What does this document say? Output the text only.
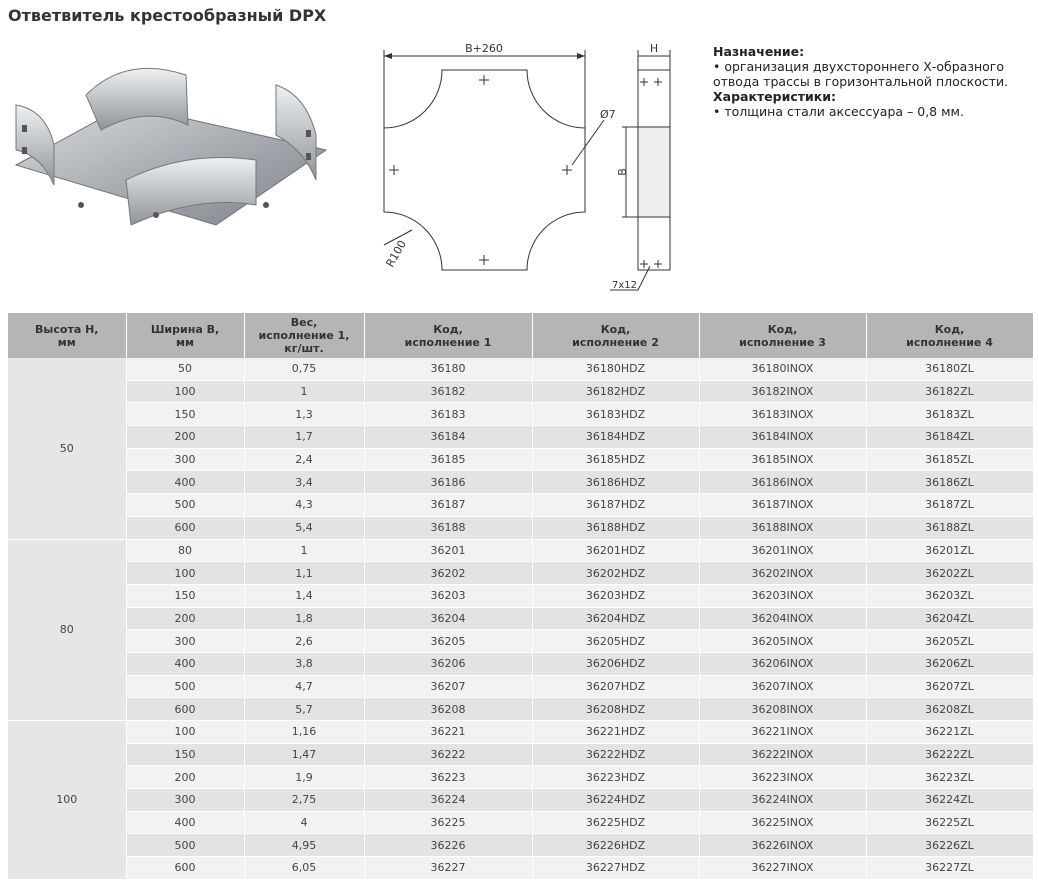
Ответвитель крестообразный DPX
B+260
Ø7
R100
H
B
7x12
Назначение:
• организация двухстороннего Х-образного отвода трассы в горизонтальной плоскости.
Характеристики:
• толщина стали аксессуара – 0,8 мм.
Высота H,
мм	Ширина B,
мм	Вес,
исполнение 1,
кг/шт.	Код,
исполнение 1	Код,
исполнение 2	Код,
исполнение 3	Код,
исполнение 4
50	50	0,75	36180	36180HDZ	36180INOX	36180ZL
	100	1	36182	36182HDZ	36182INOX	36182ZL
	150	1,3	36183	36183HDZ	36183INOX	36183ZL
	200	1,7	36184	36184HDZ	36184INOX	36184ZL
	300	2,4	36185	36185HDZ	36185INOX	36185ZL
	400	3,4	36186	36186HDZ	36186INOX	36186ZL
	500	4,3	36187	36187HDZ	36187INOX	36187ZL
	600	5,4	36188	36188HDZ	36188INOX	36188ZL
80	80	1	36201	36201HDZ	36201INOX	36201ZL
	100	1,1	36202	36202HDZ	36202INOX	36202ZL
	150	1,4	36203	36203HDZ	36203INOX	36203ZL
	200	1,8	36204	36204HDZ	36204INOX	36204ZL
	300	2,6	36205	36205HDZ	36205INOX	36205ZL
	400	3,8	36206	36206HDZ	36206INOX	36206ZL
	500	4,7	36207	36207HDZ	36207INOX	36207ZL
	600	5,7	36208	36208HDZ	36208INOX	36208ZL
100	100	1,16	36221	36221HDZ	36221INOX	36221ZL
	150	1,47	36222	36222HDZ	36222INOX	36222ZL
	200	1,9	36223	36223HDZ	36223INOX	36223ZL
	300	2,75	36224	36224HDZ	36224INOX	36224ZL
	400	4	36225	36225HDZ	36225INOX	36225ZL
	500	4,95	36226	36226HDZ	36226INOX	36226ZL
	600	6,05	36227	36227HDZ	36227INOX	36227ZL
